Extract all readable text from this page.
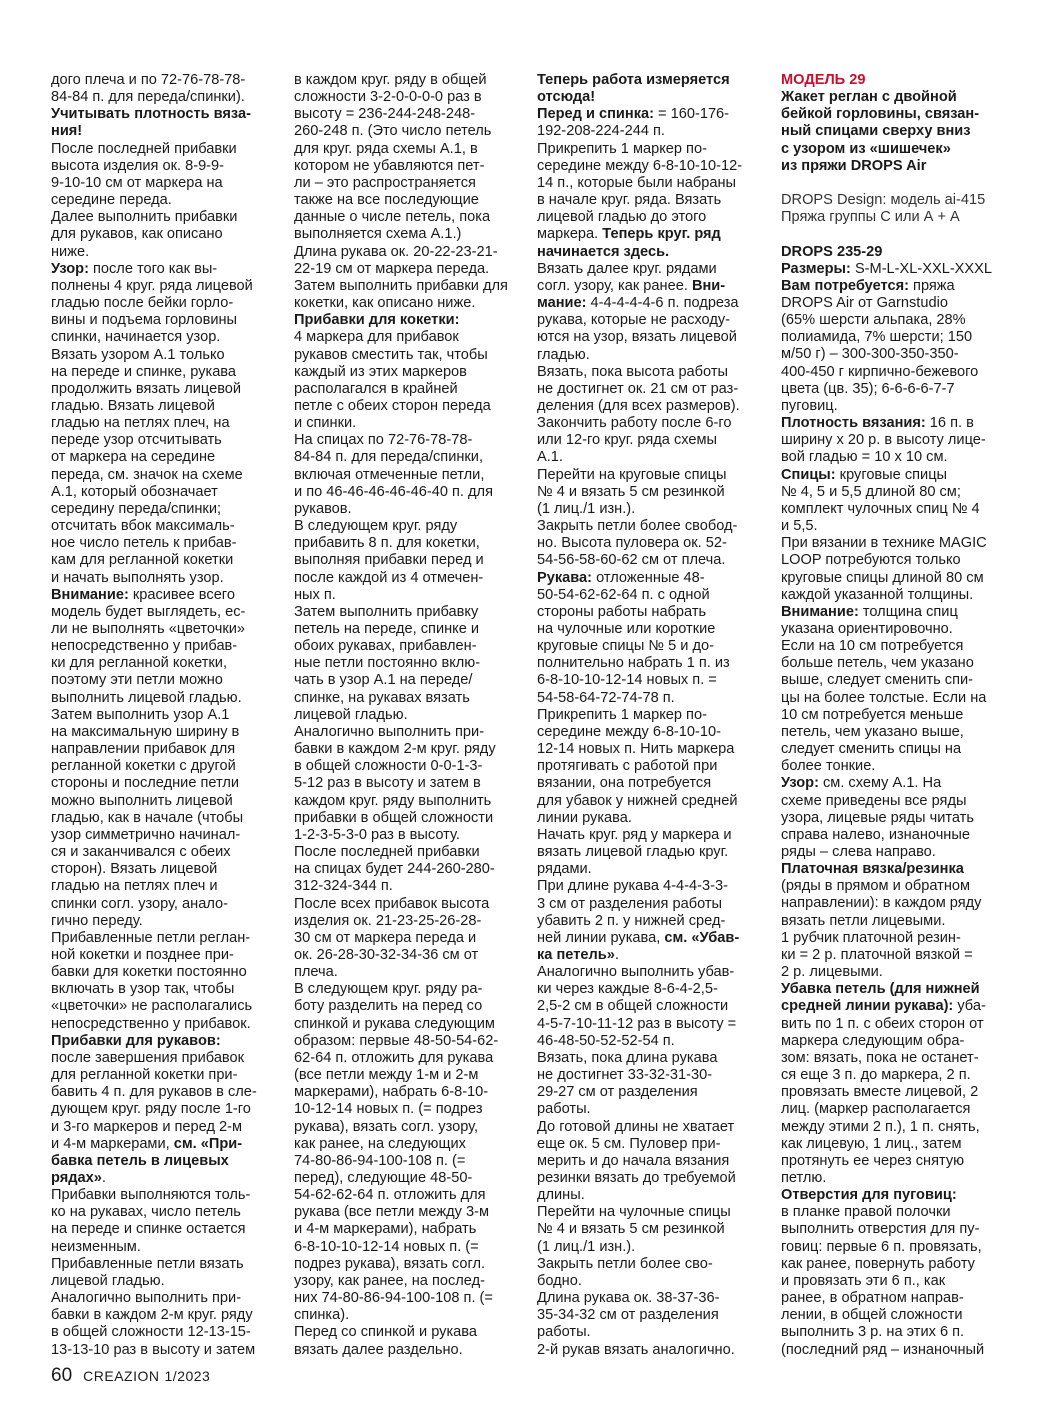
дого плеча и по 72-76-78-78-
84-84 п. для переда/спинки).
Учитывать плотность вяза-
ния!
После последней прибавки
высота изделия ок. 8-9-9-
9-10-10 см от маркера на
середине переда.
Далее выполнить прибавки
для рукавов, как описано
ниже.
Узор: после того как вы-
полнены 4 круг. ряда лицевой
гладью после бейки горло-
вины и подъема горловины
спинки, начинается узор.
Вязать узором А.1 только
на переде и спинке, рукава
продолжить вязать лицевой
гладью. Вязать лицевой
гладью на петлях плеч, на
переде узор отсчитывать
от маркера на середине
переда, см. значок на схеме
А.1, который обозначает
середину переда/спинки;
отсчитать вбок максималь-
ное число петель к прибав-
кам для регланной кокетки
и начать выполнять узор.
Внимание: красивее всего
модель будет выглядеть, ес-
ли не выполнять «цветочки»
непосредственно у прибав-
ки для регланной кокетки,
поэтому эти петли можно
выполнить лицевой гладью.
Затем выполнить узор А.1
на максимальную ширину в
направлении прибавок для
регланной кокетки с другой
стороны и последние петли
можно выполнить лицевой
гладью, как в начале (чтобы
узор симметрично начинал-
ся и заканчивался с обеих
сторон). Вязать лицевой
гладью на петлях плеч и
спинки согл. узору, анало-
гично переду.
Прибавленные петли реглан-
ной кокетки и позднее при-
бавки для кокетки постоянно
включать в узор так, чтобы
«цветочки» не располагались
непосредственно у прибавок.
Прибавки для рукавов:
после завершения прибавок
для регланной кокетки при-
бавить 4 п. для рукавов в сле-
дующем круг. ряду после 1-го
и 3-го маркеров и перед 2-м
и 4-м маркерами, см. «При-
бавка петель в лицевых
рядах».
Прибавки выполняются толь-
ко на рукавах, число петель
на переде и спинке остается
неизменным.
Прибавленные петли вязать
лицевой гладью.
Аналогично выполнить при-
бавки в каждом 2-м круг. ряду
в общей сложности 12-13-15-
13-13-10 раз в высоту и затем
в каждом круг. ряду в общей
сложности 3-2-0-0-0-0 раз в
высоту = 236-244-248-248-
260-248 п. (Это число петель
для круг. ряда схемы А.1, в
котором не убавляются пет-
ли – это распространяется
также на все последующие
данные о числе петель, пока
выполняется схема А.1.)
Длина рукава ок. 20-22-23-21-
22-19 см от маркера переда.
Затем выполнить прибавки для
кокетки, как описано ниже.
Прибавки для кокетки:
4 маркера для прибавок
рукавов сместить так, чтобы
каждый из этих маркеров
располагался в крайней
петле с обеих сторон переда
и спинки.
На спицах по 72-76-78-78-
84-84 п. для переда/спинки,
включая отмеченные петли,
и по 46-46-46-46-46-40 п. для
рукавов.
В следующем круг. ряду
прибавить 8 п. для кокетки,
выполняя прибавки перед и
после каждой из 4 отмечен-
ных п.
Затем выполнить прибавку
петель на переде, спинке и
обоих рукавах, прибавлен-
ные петли постоянно вклю-
чать в узор А.1 на переде/
спинке, на рукавах вязать
лицевой гладью.
Аналогично выполнить при-
бавки в каждом 2-м круг. ряду
в общей сложности 0-0-1-3-
5-12 раз в высоту и затем в
каждом круг. ряду выполнить
прибавки в общей сложности
1-2-3-5-3-0 раз в высоту.
После последней прибавки
на спицах будет 244-260-280-
312-324-344 п.
После всех прибавок высота
изделия ок. 21-23-25-26-28-
30 см от маркера переда и
ок. 26-28-30-32-34-36 см от
плеча.
В следующем круг. ряду ра-
боту разделить на перед со
спинкой и рукава следующим
образом: первые 48-50-54-62-
62-64 п. отложить для рукава
(все петли между 1-м и 2-м
маркерами), набрать 6-8-10-
10-12-14 новых п. (= подрез
рукава), вязать согл. узору,
как ранее, на следующих
74-80-86-94-100-108 п. (=
перед), следующие 48-50-
54-62-62-64 п. отложить для
рукава (все петли между 3-м
и 4-м маркерами), набрать
6-8-10-10-12-14 новых п. (=
подрез рукава), вязать согл.
узору, как ранее, на послед-
них 74-80-86-94-100-108 п. (=
спинка).
Перед со спинкой и рукава
вязать далее раздельно.
Теперь работа измеряется
отсюда!
Перед и спинка: = 160-176-
192-208-224-244 п.
Прикрепить 1 маркер по-
середине между 6-8-10-10-12-
14 п., которые были набраны
в начале круг. ряда. Вязать
лицевой гладью до этого
маркера. Теперь круг. ряд
начинается здесь.
Вязать далее круг. рядами
согл. узору, как ранее. Вни-
мание: 4-4-4-4-4-6 п. подреза
рукава, которые не расходу-
ются на узор, вязать лицевой
гладью.
Вязать, пока высота работы
не достигнет ок. 21 см от раз-
деления (для всех размеров).
Закончить работу после 6-го
или 12-го круг. ряда схемы
А.1.
Перейти на круговые спицы
№ 4 и вязать 5 см резинкой
(1 лиц./1 изн.).
Закрыть петли более свобод-
но. Высота пуловера ок. 52-
54-56-58-60-62 см от плеча.
Рукава: отложенные 48-
50-54-62-62-64 п. с одной
стороны работы набрать
на чулочные или короткие
круговые спицы № 5 и до-
полнительно набрать 1 п. из
6-8-10-10-12-14 новых п. =
54-58-64-72-74-78 п.
Прикрепить 1 маркер по-
середине между 6-8-10-10-
12-14 новых п. Нить маркера
протягивать с работой при
вязании, она потребуется
для убавок у нижней средней
линии рукава.
Начать круг. ряд у маркера и
вязать лицевой гладью круг.
рядами.
При длине рукава 4-4-4-3-3-
3 см от разделения работы
убавить 2 п. у нижней сред-
ней линии рукава, см. «Убав-
ка петель».
Аналогично выполнить убав-
ки через каждые 8-6-4-2,5-
2,5-2 см в общей сложности
4-5-7-10-11-12 раз в высоту =
46-48-50-52-52-54 п.
Вязать, пока длина рукава
не достигнет 33-32-31-30-
29-27 см от разделения
работы.
До готовой длины не хватает
еще ок. 5 см. Пуловер при-
мерить и до начала вязания
резинки вязать до требуемой
длины.
Перейти на чулочные спицы
№ 4 и вязать 5 см резинкой
(1 лиц./1 изн.).
Закрыть петли более сво-
бодно.
Длина рукава ок. 38-37-36-
35-34-32 см от разделения
работы.
2-й рукав вязать аналогично.
МОДЕЛЬ 29
Жакет реглан с двойной
бейкой горловины, связан-
ный спицами сверху вниз
с узором из «шишечек»
из пряжи DROPS Air
DROPS Design: модель ai-415
Пряжа группы С или А + А
DROPS 235-29
Размеры: S-M-L-XL-XXL-XXXL
Вам потребуется: пряжа
DROPS Air от Garnstudio
(65% шерсти альпака, 28%
полиамида, 7% шерсти; 150
м/50 г) – 300-300-350-350-
400-450 г кирпично-бежевого
цвета (цв. 35); 6-6-6-6-7-7
пуговиц.
Плотность вязания: 16 п. в
ширину х 20 р. в высоту лице-
вой гладью = 10 х 10 см.
Спицы: круговые спицы
№ 4, 5 и 5,5 длиной 80 см;
комплект чулочных спиц № 4
и 5,5.
При вязании в технике MAGIC
LOOP потребуются только
круговые спицы длиной 80 см
каждой указанной толщины.
Внимание: толщина спиц
указана ориентировочно.
Если на 10 см потребуется
больше петель, чем указано
выше, следует сменить спи-
цы на более толстые. Если на
10 см потребуется меньше
петель, чем указано выше,
следует сменить спицы на
более тонкие.
Узор: см. схему А.1. На
схеме приведены все ряды
узора, лицевые ряды читать
справа налево, изнаночные
ряды – слева направо.
Платочная вязка/резинка
(ряды в прямом и обратном
направлении): в каждом ряду
вязать петли лицевыми.
1 рубчик платочной резин-
ки = 2 р. платочной вязкой =
2 р. лицевыми.
Убавка петель (для нижней
средней линии рукава): уба-
вить по 1 п. с обеих сторон от
маркера следующим обра-
зом: вязать, пока не останет-
ся еще 3 п. до маркера, 2 п.
провязать вместе лицевой, 2
лиц. (маркер располагается
между этими 2 п.), 1 п. снять,
как лицевую, 1 лиц., затем
протянуть ее через снятую
петлю.
Отверстия для пуговиц:
в планке правой полочки
выполнить отверстия для пу-
говиц: первые 6 п. провязать,
как ранее, повернуть работу
и провязать эти 6 п., как
ранее, в обратном направ-
лении, в общей сложности
выполнить 3 р. на этих 6 п.
(последний ряд – изнаночный
60 CREAZION 1/2023
